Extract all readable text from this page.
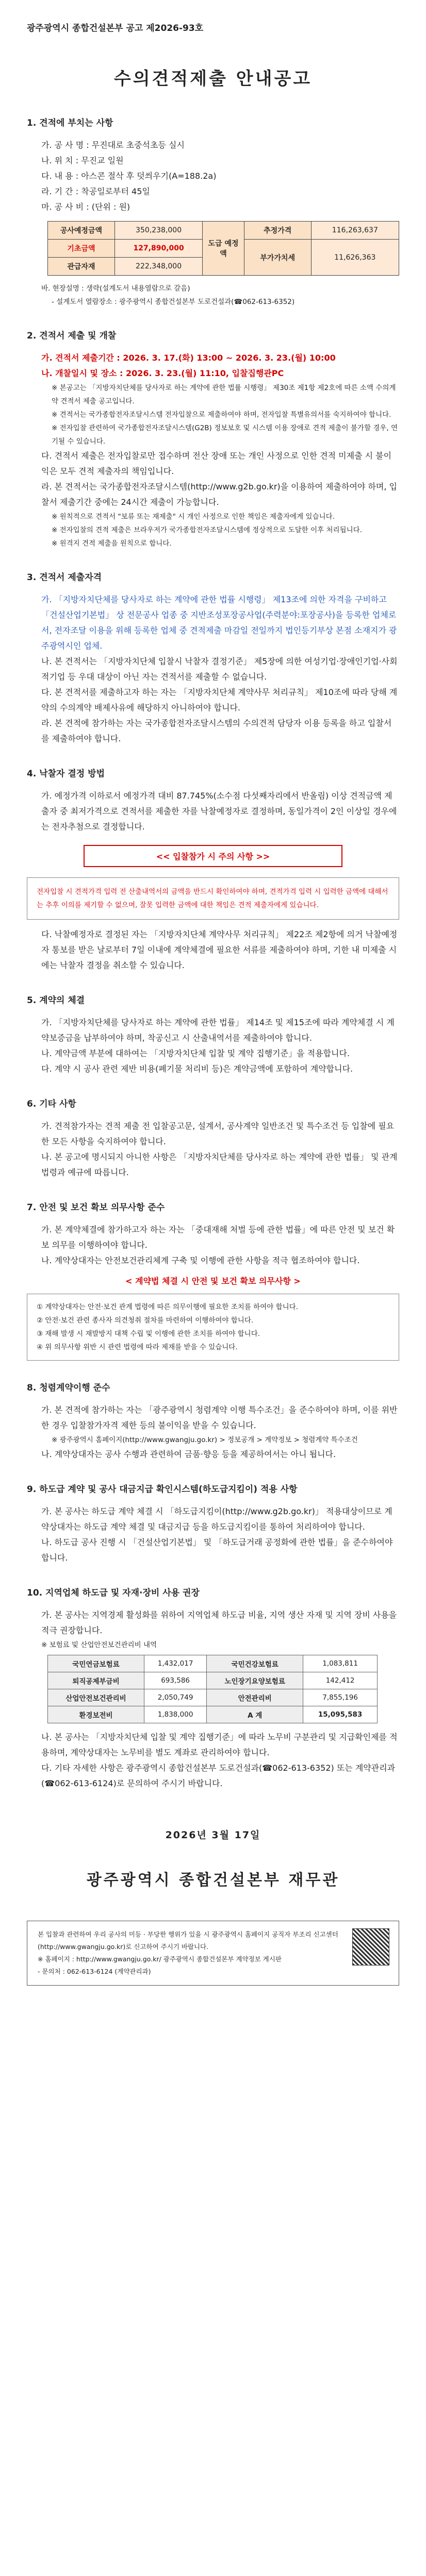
광주광역시 종합건설본부 공고 제2026-93호

수의견적제출 안내공고
1. 견적에 부치는 사항

가. 공 사 명 : 무진대로 초중석초등 실시

나. 위 치 : 무진교 일원

다. 내 용 : 아스콘 절삭 후 덧씌우기(A=188.2a)

라. 기 간 : 착공일로부터 45일

마. 공 사 비 : (단위 : 원)

공사예정금액	350,238,000	도급 예정액	추정가격	116,263,637
기초금액	127,890,000		부가가치세	11,626,363
관급자재	222,348,000			

바. 현장설명 : 생략(설계도서 내용열람으로 갈음)

- 설계도서 열람장소 : 광주광역시 종합건설본부 도로건설과(☎062-613-6352)

2. 견적서 제출 및 개찰

가. 견적서 제출기간 : 2026. 3. 17.(화) 13:00 ~ 2026. 3. 23.(월) 10:00

나. 개찰일시 및 장소 : 2026. 3. 23.(월) 11:10, 입찰집행관PC

※ 본공고는 「지방자치단체를 당사자로 하는 계약에 관한 법률 시행령」 제30조 제1항 제2호에 따른 소액 수의계약 견적서 제출 공고입니다.

※ 견적서는 국가종합전자조달시스템 전자입찰으로 제출하여야 하며, 전자입찰 특별유의서를 숙지하여야 합니다.

※ 전자입찰 관련하여 국가종합전자조달시스템(G2B) 정보보호 및 시스템 이용 장애로 견적 제출이 불가할 경우, 연기될 수 있습니다.

다. 견적서 제출은 전자입찰로만 접수하며 전산 장애 또는 개인 사정으로 인한 견적 미제출 시 불이익은 모두 견적 제출자의 책임입니다.

라. 본 견적서는 국가종합전자조달시스템(http://www.g2b.go.kr)을 이용하여 제출하여야 하며, 입찰서 제출기간 중에는 24시간 제출이 가능합니다.

※ 원칙적으로 견적서 "보류 또는 재제출" 시 개인 사정으로 인한 책임은 제출자에게 있습니다.

※ 전자입찰의 견적 제출은 브라우저가 국가종합전자조달시스템에 정상적으로 도달한 이후 처리됩니다.

※ 원격지 견적 제출을 원칙으로 합니다.

3. 견적서 제출자격

가. 「지방자치단체를 당사자로 하는 계약에 관한 법률 시행령」 제13조에 의한 자격을 구비하고 「건설산업기본법」 상 전문공사 업종 중 지반조성포장공사업(주력분야:포장공사)을 등록한 업체로서, 전자조달 이용을 위해 등록한 업체 중 견적제출 마감일 전일까지 법인등기부상 본점 소재지가 광주광역시인 업체.

나. 본 견적서는 「지방자치단체 입찰시 낙찰자 결정기준」 제5장에 의한 여성기업·장애인기업·사회적기업 등 우대 대상이 아닌 자는 견적서를 제출할 수 없습니다.

다. 본 견적서를 제출하고자 하는 자는 「지방자치단체 계약사무 처리규칙」 제10조에 따라 당해 계약의 수의계약 배제사유에 해당하지 아니하여야 합니다.

라. 본 견적에 참가하는 자는 국가종합전자조달시스템의 수의견적 담당자 이용 등록을 하고 입찰서를 제출하여야 합니다.

4. 낙찰자 결정 방법

가. 예정가격 이하로서 예정가격 대비 87.745%(소수점 다섯째자리에서 반올림) 이상 견적금액 제출자 중 최저가격으로 견적서를 제출한 자를 낙찰예정자로 결정하며, 동일가격이 2인 이상일 경우에는 전자추첨으로 결정합니다.

<< 입찰참가 시 주의 사항 >>
전자입찰 시 견적가격 입력 전 산출내역서의 금액을 반드시 확인하여야 하며, 견적가격 입력 시 입력한 금액에 대해서는 추후 이의를 제기할 수 없으며, 잘못 입력한 금액에 대한 책임은 견적 제출자에게 있습니다.

다. 낙찰예정자로 결정된 자는 「지방자치단체 계약사무 처리규칙」 제22조 제2항에 의거 낙찰예정자 통보를 받은 날로부터 7일 이내에 계약체결에 필요한 서류를 제출하여야 하며, 기한 내 미제출 시에는 낙찰자 결정을 취소할 수 있습니다.

5. 계약의 체결

가. 「지방자치단체를 당사자로 하는 계약에 관한 법률」 제14조 및 제15조에 따라 계약체결 시 계약보증금을 납부하여야 하며, 착공신고 시 산출내역서를 제출하여야 합니다.

나. 계약금액 부분에 대하여는 「지방자치단체 입찰 및 계약 집행기준」을 적용합니다.

다. 계약 시 공사 관련 제반 비용(폐기물 처리비 등)은 계약금액에 포함하여 계약합니다.

6. 기타 사항

가. 견적참가자는 견적 제출 전 입찰공고문, 설계서, 공사계약 일반조건 및 특수조건 등 입찰에 필요한 모든 사항을 숙지하여야 합니다.

나. 본 공고에 명시되지 아니한 사항은 「지방자치단체를 당사자로 하는 계약에 관한 법률」 및 관계 법령과 예규에 따릅니다.

7. 안전 및 보건 확보 의무사항 준수

가. 본 계약체결에 참가하고자 하는 자는 「중대재해 처벌 등에 관한 법률」에 따른 안전 및 보건 확보 의무를 이행하여야 합니다.

나. 계약상대자는 안전보건관리체계 구축 및 이행에 관한 사항을 적극 협조하여야 합니다.

< 계약법 체결 시 안전 및 보건 확보 의무사항 >
① 계약상대자는 안전·보건 관계 법령에 따른 의무이행에 필요한 조치를 하여야 합니다.
② 안전·보건 관련 종사자 의견청취 절차를 마련하여 이행하여야 합니다.
③ 재해 발생 시 재발방지 대책 수립 및 이행에 관한 조치를 하여야 합니다.
④ 위 의무사항 위반 시 관련 법령에 따라 제재를 받을 수 있습니다.
8. 청렴계약이행 준수

가. 본 견적에 참가하는 자는 「광주광역시 청렴계약 이행 특수조건」을 준수하여야 하며, 이를 위반한 경우 입찰참가자격 제한 등의 불이익을 받을 수 있습니다.

※ 광주광역시 홈페이지(http://www.gwangju.go.kr) > 정보공개 > 계약정보 > 청렴계약 특수조건

나. 계약상대자는 공사 수행과 관련하여 금품·향응 등을 제공하여서는 아니 됩니다.

9. 하도급 계약 및 공사 대금지급 확인시스템(하도급지킴이) 적용 사항

가. 본 공사는 하도급 계약 체결 시 「하도급지킴이(http://www.g2b.go.kr)」 적용대상이므로 계약상대자는 하도급 계약 체결 및 대금지급 등을 하도급지킴이를 통하여 처리하여야 합니다.

나. 하도급 공사 진행 시 「건설산업기본법」 및 「하도급거래 공정화에 관한 법률」을 준수하여야 합니다.

10. 지역업체 하도급 및 자재·장비 사용 권장

가. 본 공사는 지역경제 활성화를 위하여 지역업체 하도급 비율, 지역 생산 자재 및 지역 장비 사용을 적극 권장합니다.

※ 보험료 및 산업안전보건관리비 내역

국민연금보험료	1,432,017	국민건강보험료	1,083,811
퇴직공제부금비	693,586	노인장기요양보험료	142,412
산업안전보건관리비	2,050,749	안전관리비	7,855,196
환경보전비	1,838,000	A 계	15,095,583

나. 본 공사는 「지방자치단체 입찰 및 계약 집행기준」에 따라 노무비 구분관리 및 지급확인제를 적용하며, 계약상대자는 노무비를 별도 계좌로 관리하여야 합니다.

다. 기타 자세한 사항은 광주광역시 종합건설본부 도로건설과(☎062-613-6352) 또는 계약관리과(☎062-613-6124)로 문의하여 주시기 바랍니다.

2026년 3월 17일
광주광역시 종합건설본부 재무관
본 입찰과 관련하여 우리 공사의 미등 · 부당한 행위가 있을 시 광주광역시 홈페이지 공직자 부조리 신고센터(http://www.gwangju.go.kr)로 신고하여 주시기 바랍니다.
※ 홈페이지 : http://www.gwangju.go.kr/ 광주광역시 종합건설본부 계약정보 게시판
- 문의처 : 062-613-6124 (계약관리과)
